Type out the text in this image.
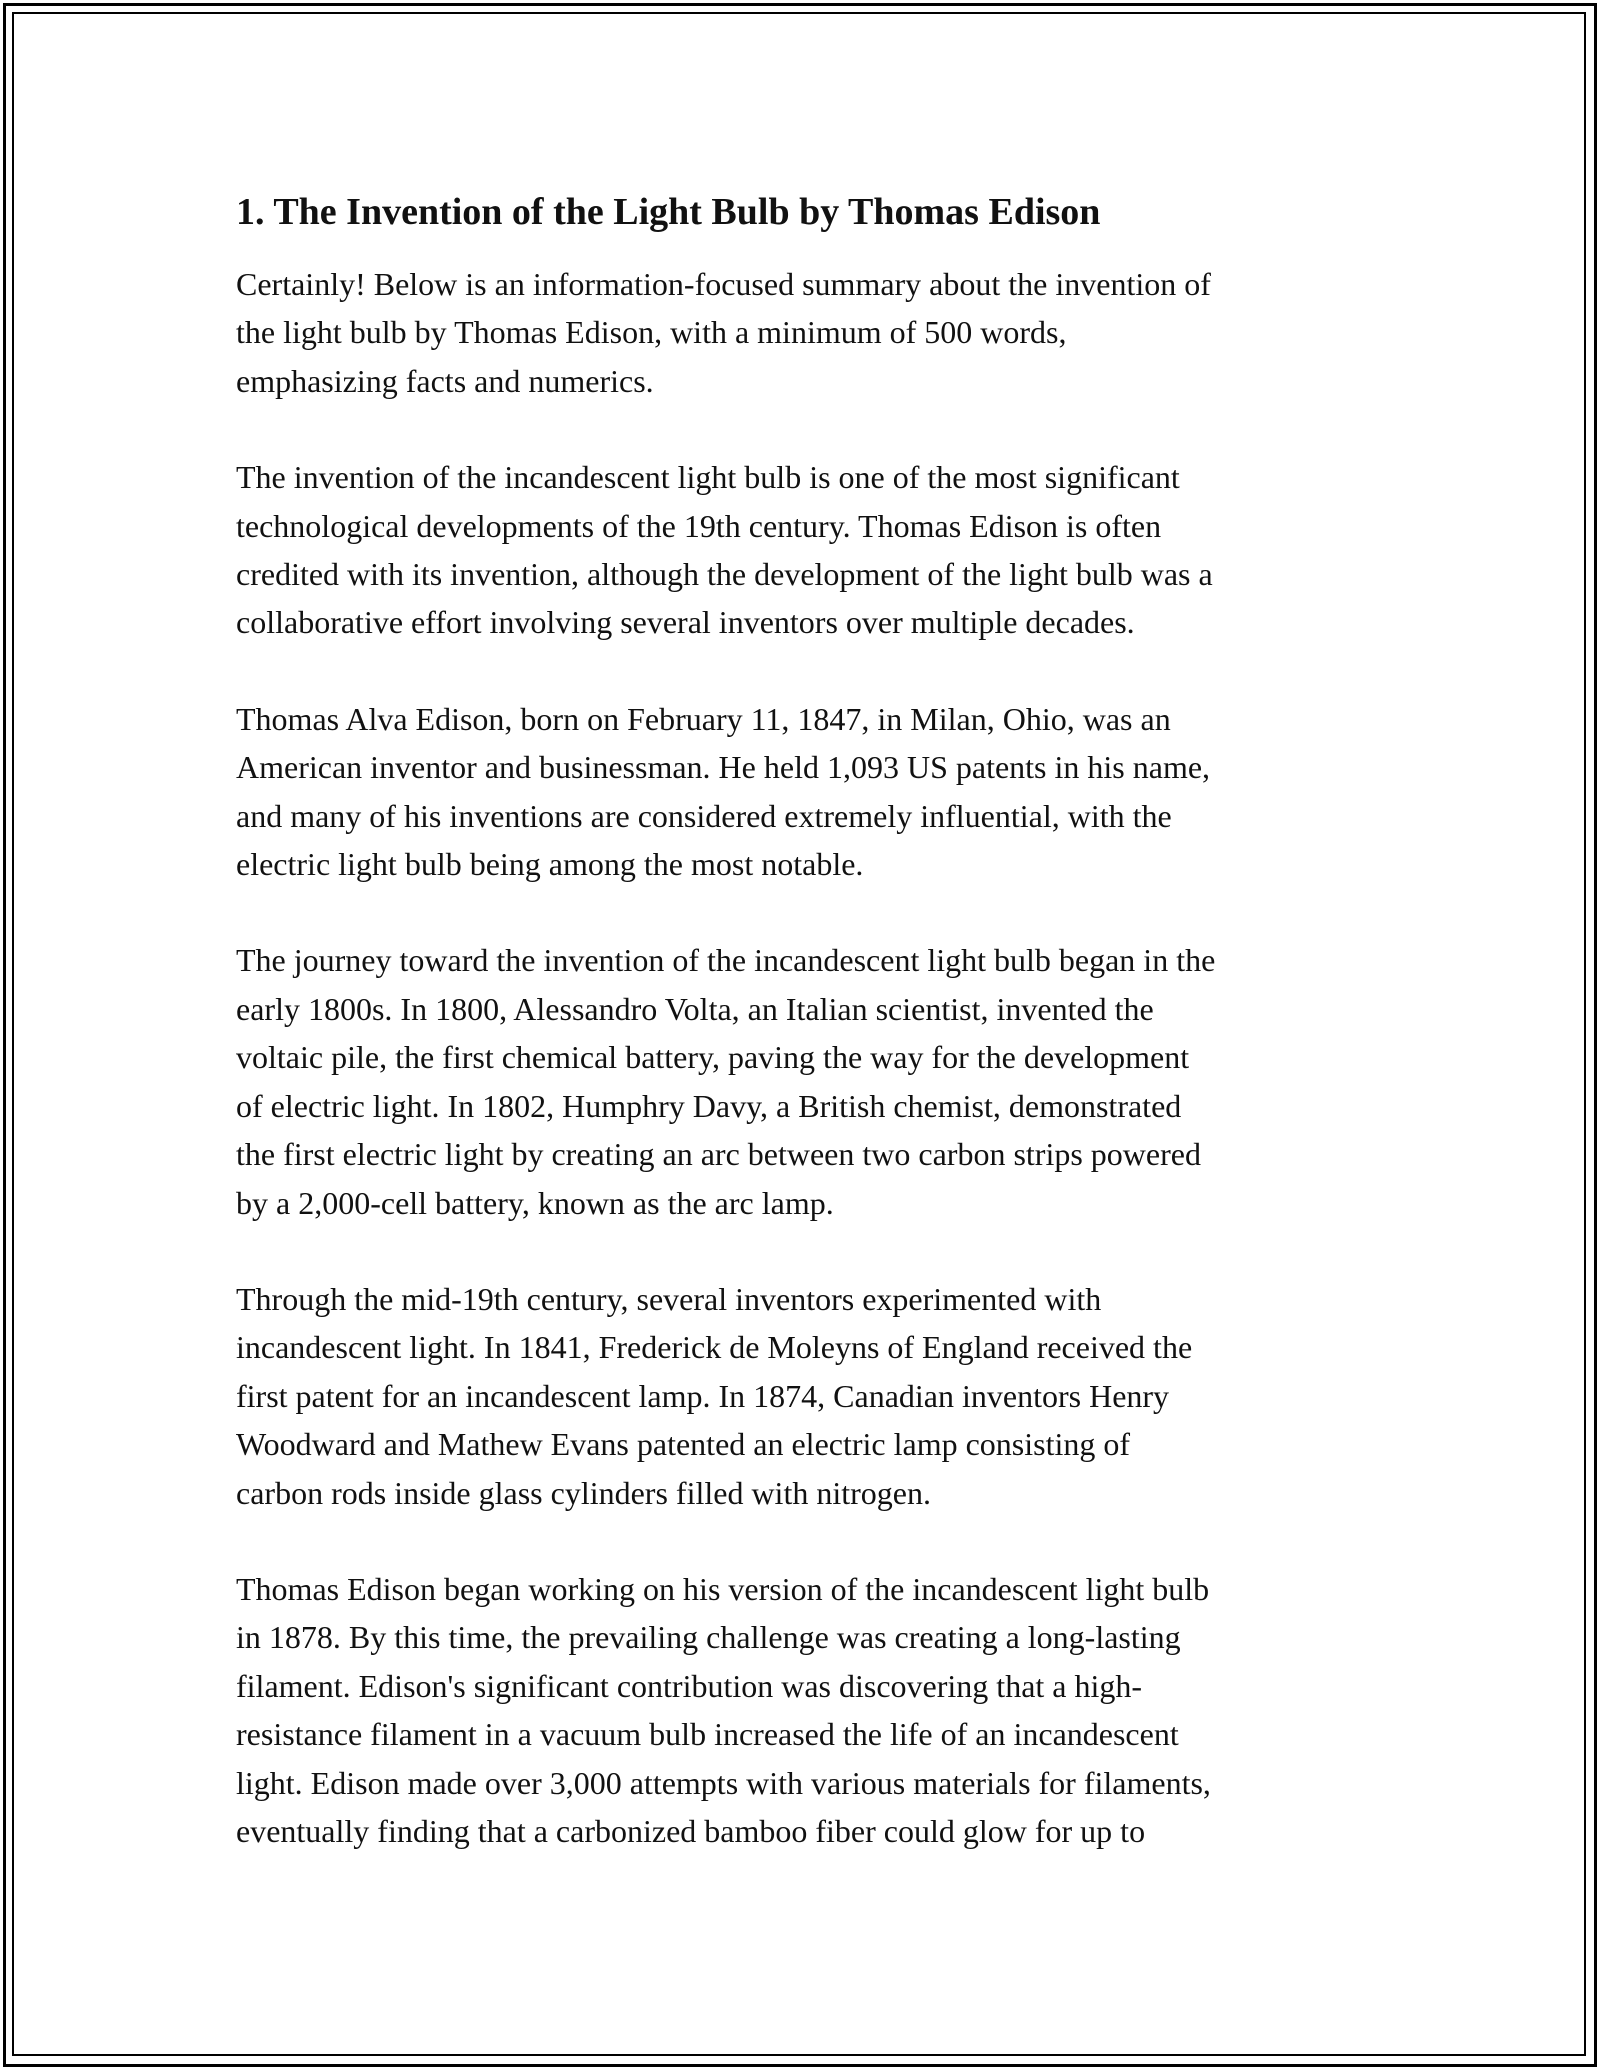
1. The Invention of the Light Bulb by Thomas Edison

Certainly! Below is an information-focused summary about the invention of
the light bulb by Thomas Edison, with a minimum of 500 words,
emphasizing facts and numerics.

The invention of the incandescent light bulb is one of the most significant
technological developments of the 19th century. Thomas Edison is often
credited with its invention, although the development of the light bulb was a
collaborative effort involving several inventors over multiple decades.

Thomas Alva Edison, born on February 11, 1847, in Milan, Ohio, was an
American inventor and businessman. He held 1,093 US patents in his name,
and many of his inventions are considered extremely influential, with the
electric light bulb being among the most notable.

The journey toward the invention of the incandescent light bulb began in the
early 1800s. In 1800, Alessandro Volta, an Italian scientist, invented the
voltaic pile, the first chemical battery, paving the way for the development
of electric light. In 1802, Humphry Davy, a British chemist, demonstrated
the first electric light by creating an arc between two carbon strips powered
by a 2,000-cell battery, known as the arc lamp.

Through the mid-19th century, several inventors experimented with
incandescent light. In 1841, Frederick de Moleyns of England received the
first patent for an incandescent lamp. In 1874, Canadian inventors Henry
Woodward and Mathew Evans patented an electric lamp consisting of
carbon rods inside glass cylinders filled with nitrogen.

Thomas Edison began working on his version of the incandescent light bulb
in 1878. By this time, the prevailing challenge was creating a long-lasting
filament. Edison's significant contribution was discovering that a high-
resistance filament in a vacuum bulb increased the life of an incandescent
light. Edison made over 3,000 attempts with various materials for filaments,
eventually finding that a carbonized bamboo fiber could glow for up to
